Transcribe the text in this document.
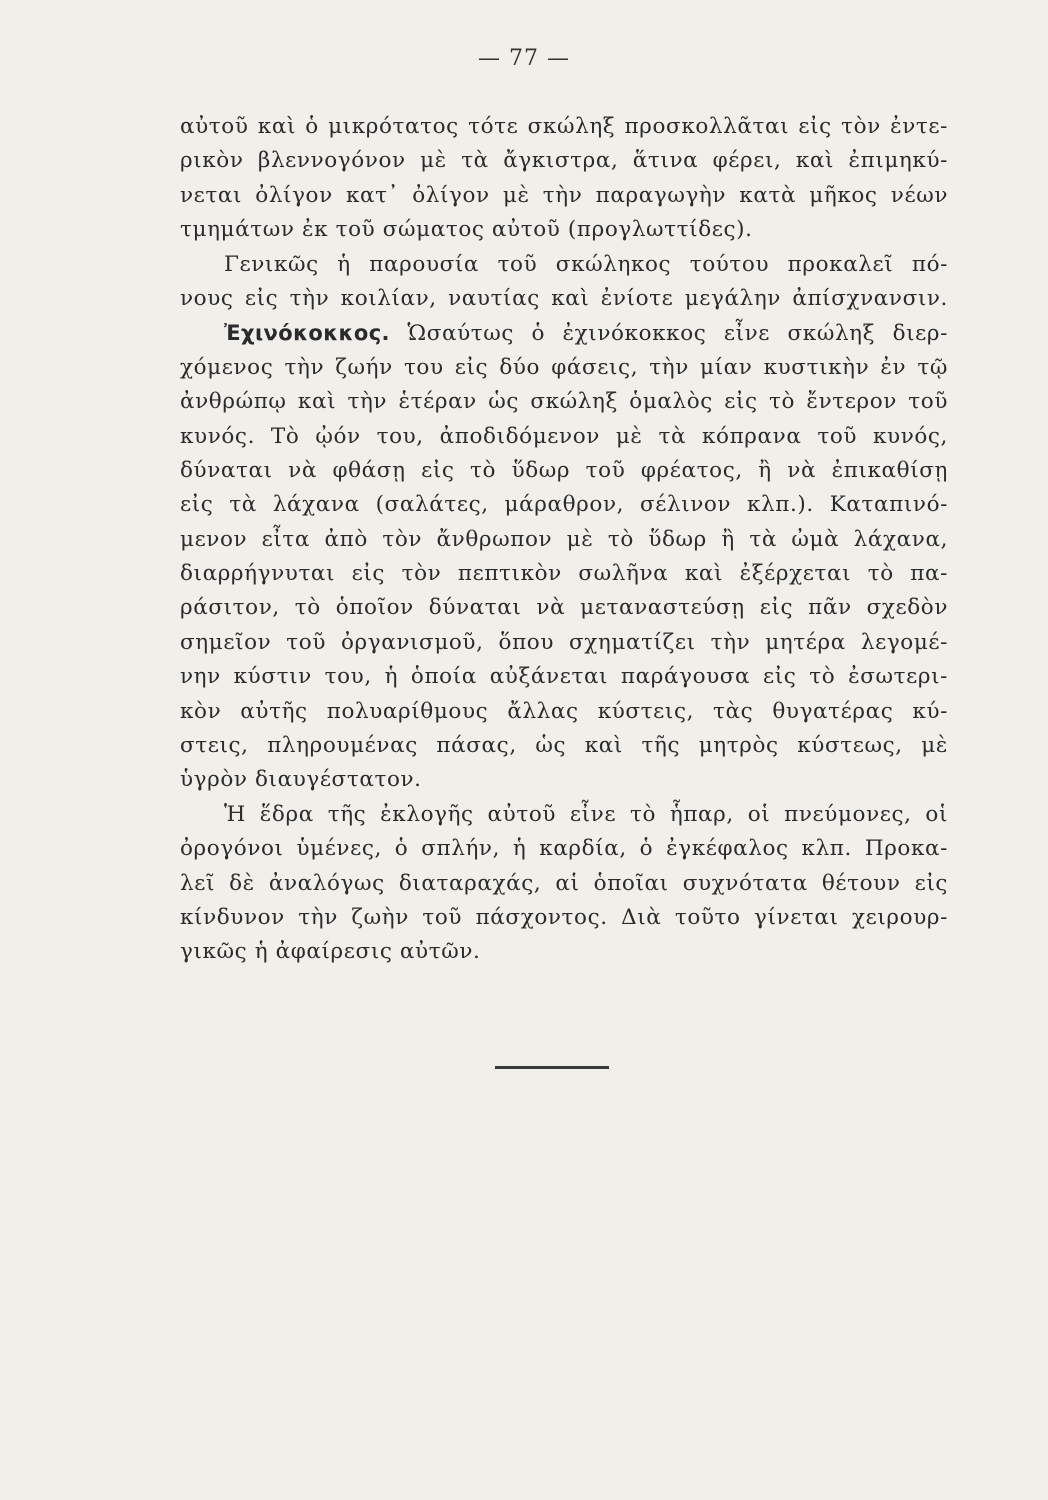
— 77 —
αὐτοῦ καὶ ὁ μικρότατος τότε σκώληξ προσκολλᾶται εἰς τὸν ἐντε-
ρικὸν βλεννογόνον μὲ τὰ ἄγκιστρα, ἅτινα φέρει, καὶ ἐπιμηκύ-
νεται ὀλίγον κατ᾽ ὀλίγον μὲ τὴν παραγωγὴν κατὰ μῆκος νέων
τμημάτων ἐκ τοῦ σώματος αὐτοῦ (προγλωττίδες).
Γενικῶς ἡ παρουσία τοῦ σκώληκος τούτου προκαλεῖ πό-
νους εἰς τὴν κοιλίαν, ναυτίας καὶ ἐνίοτε μεγάλην ἀπίσχνανσιν.
Ἐχινόκοκκος. Ὡσαύτως ὁ ἐχινόκοκκος εἶνε σκώληξ διερ-
χόμενος τὴν ζωήν του εἰς δύο φάσεις, τὴν μίαν κυστικὴν ἐν τῷ
ἀνθρώπῳ καὶ τὴν ἑτέραν ὡς σκώληξ ὁμαλὸς εἰς τὸ ἔντερον τοῦ
κυνός. Τὸ ᾠόν του, ἀποδιδόμενον μὲ τὰ κόπρανα τοῦ κυνός,
δύναται νὰ φθάσῃ εἰς τὸ ὕδωρ τοῦ φρέατος, ἢ νὰ ἐπικαθίσῃ
εἰς τὰ λάχανα (σαλάτες, μάραθρον, σέλινον κλπ.). Καταπινό-
μενον εἶτα ἀπὸ τὸν ἄνθρωπον μὲ τὸ ὕδωρ ἢ τὰ ὠμὰ λάχανα,
διαρρήγνυται εἰς τὸν πεπτικὸν σωλῆνα καὶ ἐξέρχεται τὸ πα-
ράσιτον, τὸ ὁποῖον δύναται νὰ μεταναστεύσῃ εἰς πᾶν σχεδὸν
σημεῖον τοῦ ὀργανισμοῦ, ὅπου σχηματίζει τὴν μητέρα λεγομέ-
νην κύστιν του, ἡ ὁποία αὐξάνεται παράγουσα εἰς τὸ ἐσωτερι-
κὸν αὐτῆς πολυαρίθμους ἄλλας κύστεις, τὰς θυγατέρας κύ-
στεις, πληρουμένας πάσας, ὡς καὶ τῆς μητρὸς κύστεως, μὲ
ὑγρὸν διαυγέστατον.
Ἡ ἕδρα τῆς ἐκλογῆς αὐτοῦ εἶνε τὸ ἧπαρ, οἱ πνεύμονες, οἱ
ὀρογόνοι ὑμένες, ὁ σπλήν, ἡ καρδία, ὁ ἐγκέφαλος κλπ. Προκα-
λεῖ δὲ ἀναλόγως διαταραχάς, αἱ ὁποῖαι συχνότατα θέτουν εἰς
κίνδυνον τὴν ζωὴν τοῦ πάσχοντος. Διὰ τοῦτο γίνεται χειρουρ-
γικῶς ἡ ἀφαίρεσις αὐτῶν.
